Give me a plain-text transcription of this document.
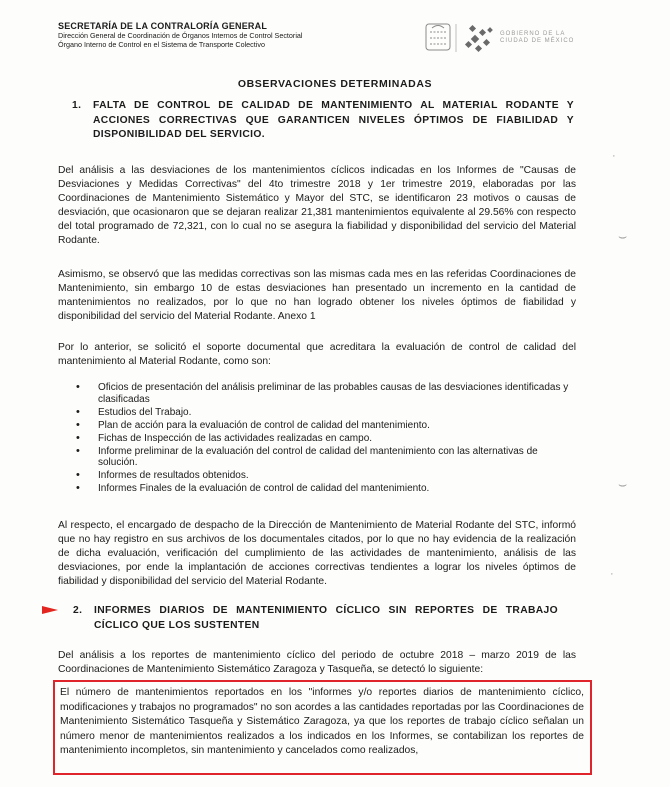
SECRETARÍA DE LA CONTRALORÍA GENERAL
Dirección General de Coordinación de Órganos Internos de Control Sectorial
Órgano Interno de Control en el Sistema de Transporte Colectivo
GOBIERNO DE LA
CIUDAD DE MÉXICO
OBSERVACIONES DETERMINADAS
1. FALTA DE CONTROL DE CALIDAD DE MANTENIMIENTO AL MATERIAL RODANTE Y ACCIONES CORRECTIVAS QUE GARANTICEN NIVELES ÓPTIMOS DE FIABILIDAD Y DISPONIBILIDAD DEL SERVICIO.
Del análisis a las desviaciones de los mantenimientos cíclicos indicadas en los Informes de "Causas de Desviaciones y Medidas Correctivas" del 4to trimestre 2018 y 1er trimestre 2019, elaboradas por las Coordinaciones de Mantenimiento Sistemático y Mayor del STC, se identificaron 23 motivos o causas de desviación, que ocasionaron que se dejaran realizar 21,381 mantenimientos equivalente al 29.56% con respecto del total programado de 72,321, con lo cual no se asegura la fiabilidad y disponibilidad del servicio del Material Rodante.
Asimismo, se observó que las medidas correctivas son las mismas cada mes en las referidas Coordinaciones de Mantenimiento, sin embargo 10 de estas desviaciones han presentado un incremento en la cantidad de mantenimientos no realizados, por lo que no han logrado obtener los niveles óptimos de fiabilidad y disponibilidad del servicio del Material Rodante. Anexo 1
Por lo anterior, se solicitó el soporte documental que acreditara la evaluación de control de calidad del mantenimiento al Material Rodante, como son:
• Oficios de presentación del análisis preliminar de las probables causas de las desviaciones identificadas y clasificadas
• Estudios del Trabajo.
• Plan de acción para la evaluación de control de calidad del mantenimiento.
• Fichas de Inspección de las actividades realizadas en campo.
• Informe preliminar de la evaluación del control de calidad del mantenimiento con las alternativas de solución.
• Informes de resultados obtenidos.
• Informes Finales de la evaluación de control de calidad del mantenimiento.
Al respecto, el encargado de despacho de la Dirección de Mantenimiento de Material Rodante del STC, informó que no hay registro en sus archivos de los documentales citados, por lo que no hay evidencia de la realización de dicha evaluación, verificación del cumplimiento de las actividades de mantenimiento, análisis de las desviaciones, por ende la implantación de acciones correctivas tendientes a lograr los niveles óptimos de fiabilidad y disponibilidad del servicio del Material Rodante.
2. INFORMES DIARIOS DE MANTENIMIENTO CÍCLICO SIN REPORTES DE TRABAJO CÍCLICO QUE LOS SUSTENTEN
Del análisis a los reportes de mantenimiento cíclico del periodo de octubre 2018 – marzo 2019 de las Coordinaciones de Mantenimiento Sistemático Zaragoza y Tasqueña, se detectó lo siguiente:
El número de mantenimientos reportados en los "informes y/o reportes diarios de mantenimiento cíclico, modificaciones y trabajos no programados" no son acordes a las cantidades reportadas por las Coordinaciones de Mantenimiento Sistemático Tasqueña y Sistemático Zaragoza, ya que los reportes de trabajo cíclico señalan un número menor de mantenimientos realizados a los indicados en los Informes, se contabilizan los reportes de mantenimiento incompletos, sin mantenimiento y cancelados como realizados,
·
⌣
⌣
·
